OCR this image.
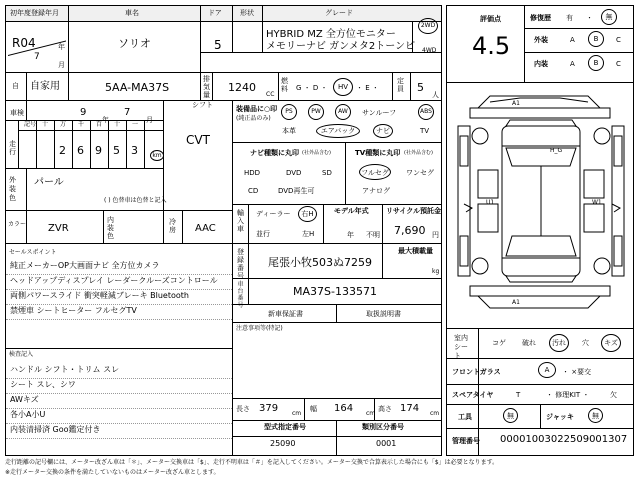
初年度登録年月	車名	ドア	形状	グレード
R04	年
7
月
ソリオ	5
HYBRID MZ 全方位モニター
メモリーナビ ガンメタ2トーンピ
2WD
4WD
自 自家用	5AA-MA37S
排気量
1240
CC
燃料 G ・ D ・	HV	・ E ・
定員 5
人
車検	9
年
7
月
シフト
CVT
走行
記号 十 万 千 百 十 一
2 6 9 5 3	km
外装色
パール
( ) 色替車は色替と記入
カラー ZVR
内装色
冷房 AAC
セールスポイント
純正メーカーOP大画面ナビ 全方位カメラ
ヘッドアップディスプレイ レーダークルーズコントロール
両側パワースライド 衝突軽減ブレーキ Bluetooth
禁煙車 シートヒーター フルセグTV
検査記入
ハンドル シフト・トリム スレ
シート スレ、シワ
AWキズ
各小A小U
内装清掃済 Goo鑑定付き
装備品に○印
(純正品のみ)
PS	PW	AW	サンルーフ	ABS
本革	エアバック	ナビ	TV
ナビ種類に丸印 (社外品含む)
HDD	DVD	SD
CD	DVD再生可
TV種類に丸印 (社外品含む)
フルセグ	ワンセグ
アナログ
輸入車
ディーラー	右H
並行	左H
モデル年式
年 不明
リサイクル預託金
7,690 円
最大積載量
kg
登録番号
尾張小牧503ぬ7259
車台番号
MA37S-133571
新車保証書	取扱説明書
注意事項等(特記)
長さ 379 cm
幅 164 cm
高さ 174 cm
型式指定番号
25090
類別区分番号
0001
評価点
4.5
修復歴 有 ・	無
外装	A	B	C
内装	A	B	C
A1
U1	W1
A1
H_G
室内シート
コゲ 破れ	汚れ	穴	キズ
フロントガラス	A	・ ×要交
スペアタイヤ	T	・ 修理KIT ・	欠
工具	無	ジャッキ	無
管理番号 0000100302250900​1307
走行距離の記号欄には、メーター改ざん車は「＊」、メーター交換車は「$」、走行不明車は「＃」を記入してください。メーター交換で合算表示した場合にも「$」は必要となります。
※走行メーター交換の条件を満たしていないものはメーター改ざん車とします。
